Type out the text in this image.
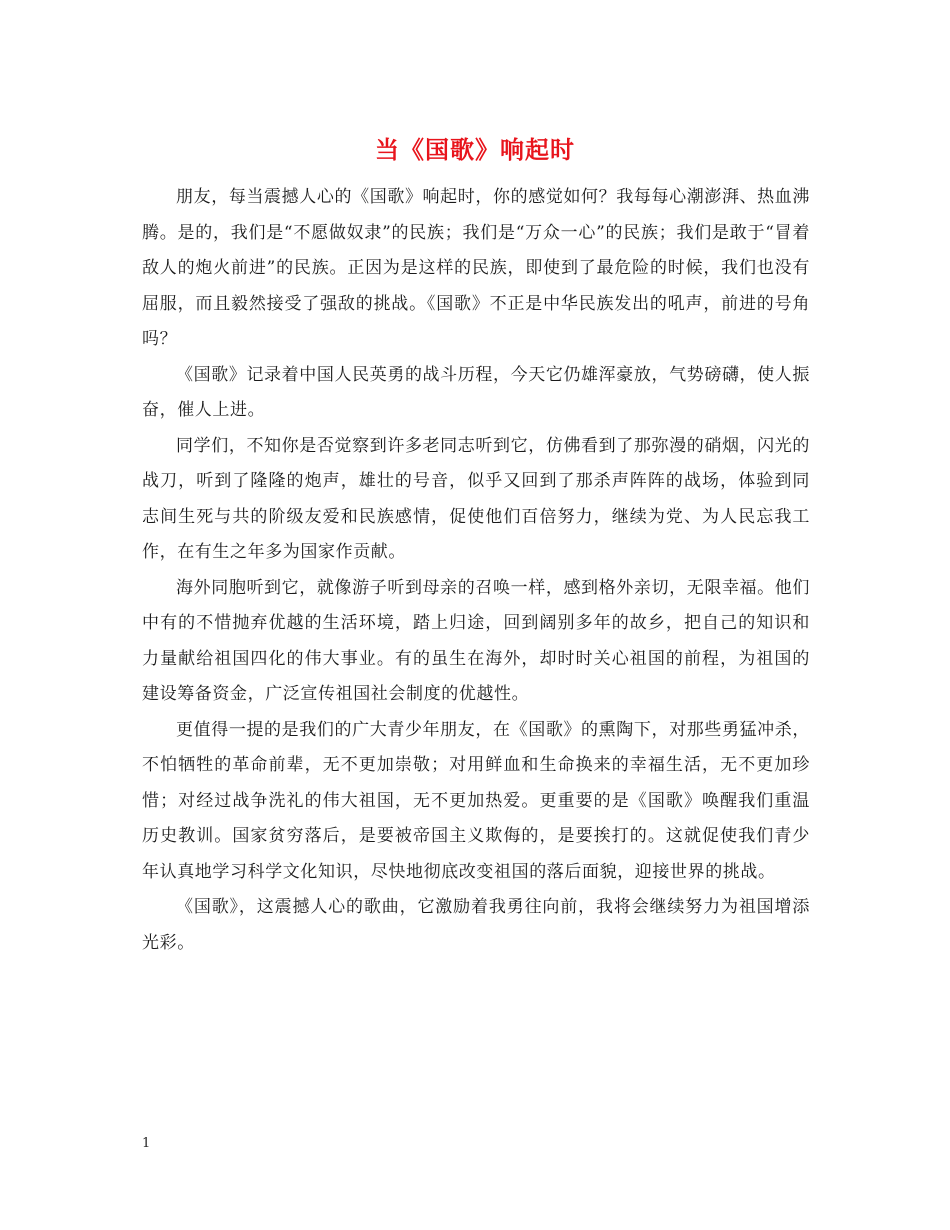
当《国歌》响起时

朋友，每当震撼人心的《国歌》响起时，你的感觉如何？我每每心潮澎湃、热血沸腾。是的，我们是“不愿做奴隶”的民族；我们是“万众一心”的民族；我们是敢于“冒着敌人的炮火前进”的民族。正因为是这样的民族，即使到了最危险的时候，我们也没有屈服，而且毅然接受了强敌的挑战。《国歌》不正是中华民族发出的吼声，前进的号角吗？

《国歌》记录着中国人民英勇的战斗历程，今天它仍雄浑豪放，气势磅礴，使人振奋，催人上进。

同学们，不知你是否觉察到许多老同志听到它，仿佛看到了那弥漫的硝烟，闪光的战刀，听到了隆隆的炮声，雄壮的号音，似乎又回到了那杀声阵阵的战场，体验到同志间生死与共的阶级友爱和民族感情，促使他们百倍努力，继续为党、为人民忘我工作，在有生之年多为国家作贡献。

海外同胞听到它，就像游子听到母亲的召唤一样，感到格外亲切，无限幸福。他们中有的不惜抛弃优越的生活环境，踏上归途，回到阔别多年的故乡，把自己的知识和力量献给祖国四化的伟大事业。有的虽生在海外，却时时关心祖国的前程，为祖国的建设筹备资金，广泛宣传祖国社会制度的优越性。

更值得一提的是我们的广大青少年朋友，在《国歌》的熏陶下，对那些勇猛冲杀，不怕牺牲的革命前辈，无不更加崇敬；对用鲜血和生命换来的幸福生活，无不更加珍惜；对经过战争洗礼的伟大祖国，无不更加热爱。更重要的是《国歌》唤醒我们重温历史教训。国家贫穷落后，是要被帝国主义欺侮的，是要挨打的。这就促使我们青少年认真地学习科学文化知识，尽快地彻底改变祖国的落后面貌，迎接世界的挑战。

《国歌》，这震撼人心的歌曲，它激励着我勇往向前，我将会继续努力为祖国增添光彩。

1
